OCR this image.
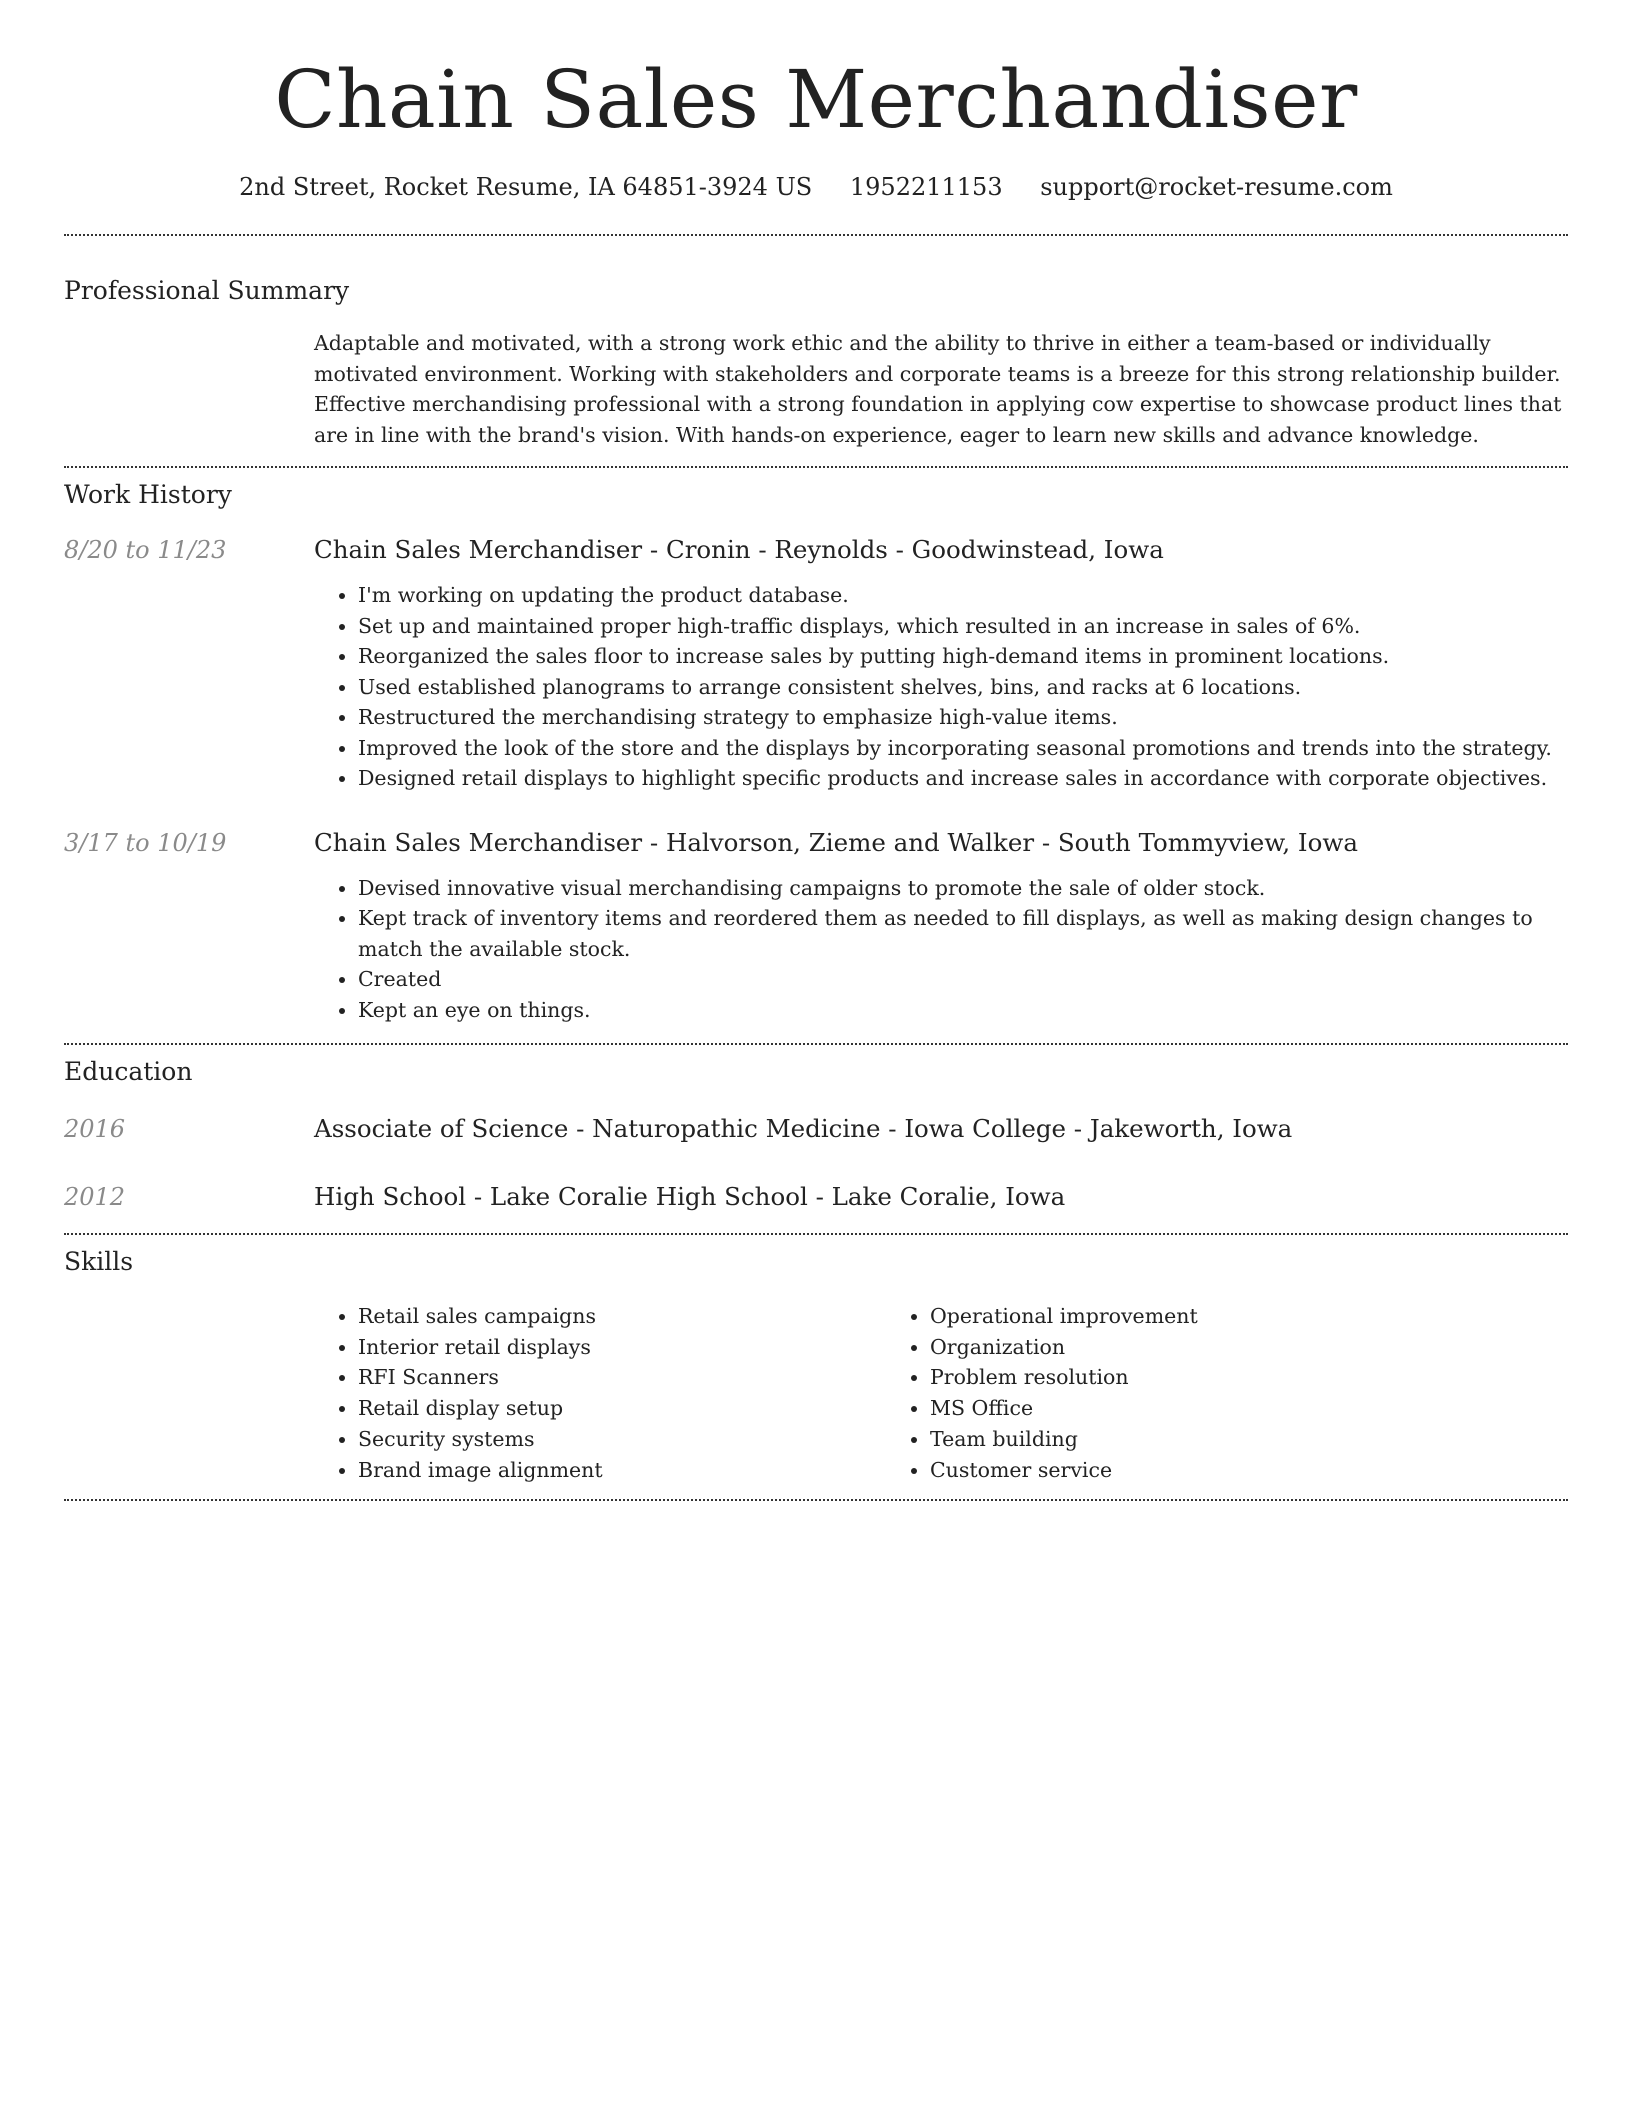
Chain Sales Merchandiser
2nd Street, Rocket Resume, IA 64851-3924 US 1952211153 support@rocket-resume.com
Professional Summary

Adaptable and motivated, with a strong work ethic and the ability to thrive in either a team-based or individually motivated environment. Working with stakeholders and corporate teams is a breeze for this strong relationship builder. Effective merchandising professional with a strong foundation in applying cow expertise to showcase product lines that are in line with the brand's vision. With hands-on experience, eager to learn new skills and advance knowledge.

Work History
8/20 to 11/23	Chain Sales Merchandiser - Cronin - Reynolds - Goodwinstead, Iowa

• I'm working on updating the product database.
• Set up and maintained proper high-traffic displays, which resulted in an increase in sales of 6%.
• Reorganized the sales floor to increase sales by putting high-demand items in prominent locations.
• Used established planograms to arrange consistent shelves, bins, and racks at 6 locations.
• Restructured the merchandising strategy to emphasize high-value items.
• Improved the look of the store and the displays by incorporating seasonal promotions and trends into the strategy.
• Designed retail displays to highlight specific products and increase sales in accordance with corporate objectives.
3/17 to 10/19	Chain Sales Merchandiser - Halvorson, Zieme and Walker - South Tommyview, Iowa

• Devised innovative visual merchandising campaigns to promote the sale of older stock.
• Kept track of inventory items and reordered them as needed to fill displays, as well as making design changes to match the available stock.
• Created
• Kept an eye on things.
Education
2016	Associate of Science - Naturopathic Medicine - Iowa College - Jakeworth, Iowa

2012	High School - Lake Coralie High School - Lake Coralie, Iowa

Skills
• Retail sales campaigns
• Interior retail displays
• RFI Scanners
• Retail display setup
• Security systems
• Brand image alignment
• Operational improvement
• Organization
• Problem resolution
• MS Office
• Team building
• Customer service
